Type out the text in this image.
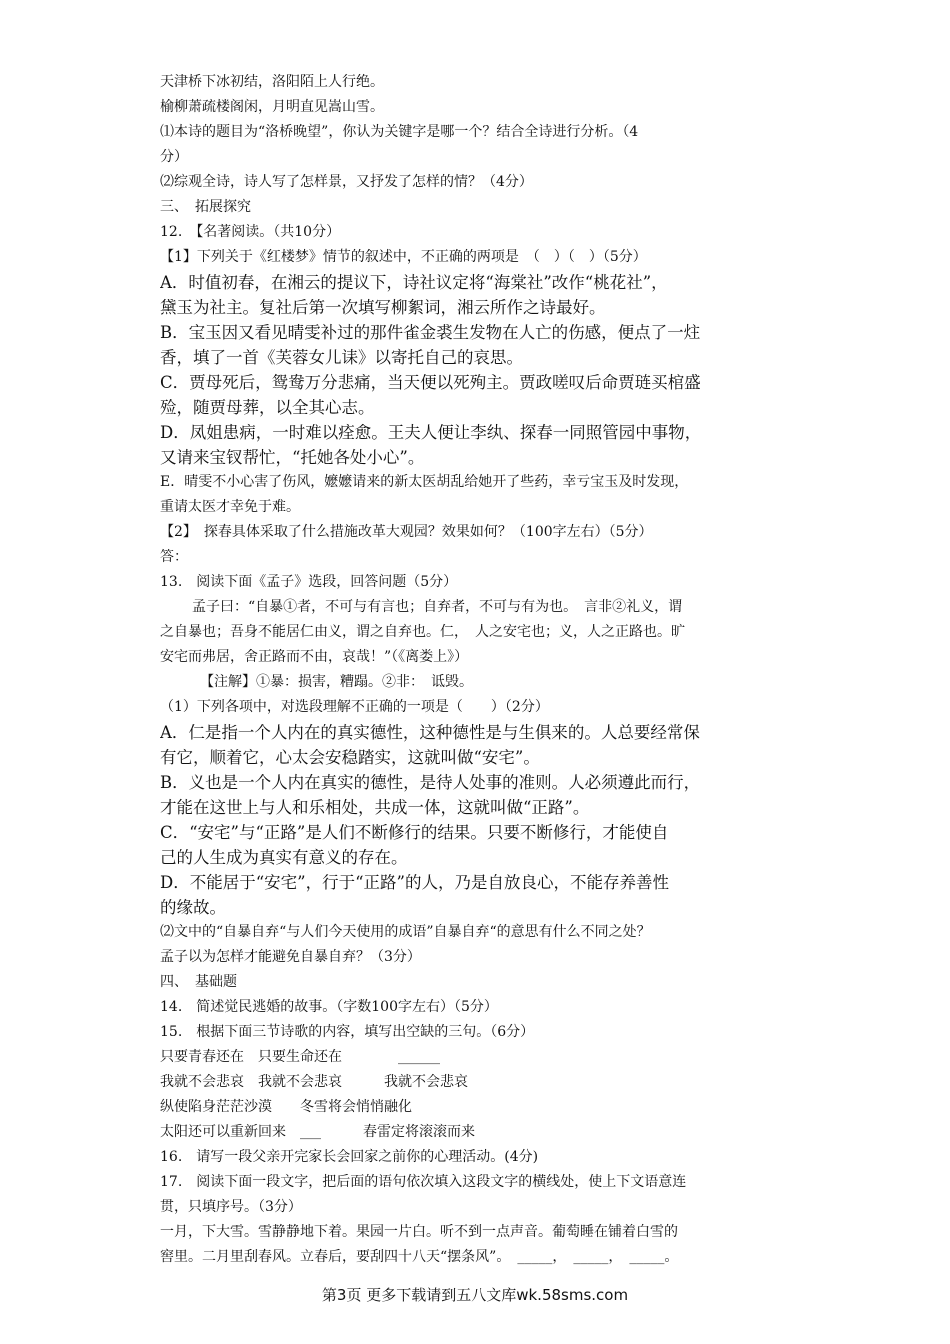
天津桥下冰初结，洛阳陌上人行绝。
榆柳萧疏楼阁闲，月明直见嵩山雪。
⑴本诗的题目为“洛桥晚望”，你认为关键字是哪一个？结合全诗进行分析。（4
分）
⑵综观全诗，诗人写了怎样景，又抒发了怎样的情？（4分）
三、　拓展探究
12.　【名著阅读。（共10分）
【1】下列关于《红楼梦》情节的叙述中，不正确的两项是　（　）（　）（5分）
A．时值初春，在湘云的提议下，诗社议定将“海棠社”改作“桃花社”，
黛玉为社主。复社后第一次填写柳絮词，湘云所作之诗最好。
B．宝玉因又看见晴雯补过的那件雀金裘生发物在人亡的伤感，便点了一炷
香，填了一首《芙蓉女儿诔》以寄托自己的哀思。
C．贾母死后，鸳鸯万分悲痛，当天便以死殉主。贾政嗟叹后命贾琏买棺盛
殓，随贾母葬，以全其心志。
D．凤姐患病，一时难以痊愈。王夫人便让李纨、探春一同照管园中事物，
又请来宝钗帮忙，“托她各处小心”。
E．晴雯不小心害了伤风，嬷嬷请来的新太医胡乱给她开了些药，幸亏宝玉及时发现，
重请太医才幸免于难。
【2】　探春具体采取了什么措施改革大观园？效果如何？（100字左右）（5分）
答：
13.　阅读下面《孟子》选段，回答问题（5分）
孟子曰：“自暴①者，不可与有言也；自弃者，不可与有为也。　言非②礼义，谓
之自暴也；吾身不能居仁由义，谓之自弃也。仁，　人之安宅也；义，人之正路也。旷
安宅而弗居，舍正路而不由，哀哉！”（《离娄上》）
【注解】①暴：损害，糟蹋。②非：　诋毁。
（1）下列各项中，对选段理解不正确的一项是（　　）（2分）
A．仁是指一个人内在的真实德性，这种德性是与生俱来的。人总要经常保
有它，顺着它，心太会安稳踏实，这就叫做“安宅”。
B．义也是一个人内在真实的德性，是待人处事的准则。人必须遵此而行，
才能在这世上与人和乐相处，共成一体，这就叫做“正路”。
C．“安宅”与“正路”是人们不断修行的结果。只要不断修行，才能使自
己的人生成为真实有意义的存在。
D．不能居于“安宅”，行于“正路”的人，乃是自放良心，不能存养善性
的缘故。
⑵文中的“自暴自弃“与人们今天使用的成语”自暴自弃“的意思有什么不同之处？
孟子以为怎样才能避免自暴自弃？（3分）
四、　基础题
14.　简述觉民逃婚的故事。（字数100字左右）（5分）
15.　根据下面三节诗歌的内容，填写出空缺的三句。（6分）
只要青春还在　只要生命还在　　　　______
我就不会悲哀　我就不会悲哀　　　我就不会悲哀
纵使陷身茫茫沙漠　　冬雪将会悄悄融化
太阳还可以重新回来　___　　　春雷定将滚滚而来
16.　请写一段父亲开完家长会回家之前你的心理活动。(4分)
17.　阅读下面一段文字，把后面的语句依次填入这段文字的横线处，使上下文语意连
贯，只填序号。（3分）
一月，下大雪。雪静静地下着。果园一片白。听不到一点声音。葡萄睡在铺着白雪的
窖里。二月里刮春风。立春后，要刮四十八天“摆条风”。　_____，　_____，　_____。
第3页 更多下载请到五八文库wk.58sms.com
